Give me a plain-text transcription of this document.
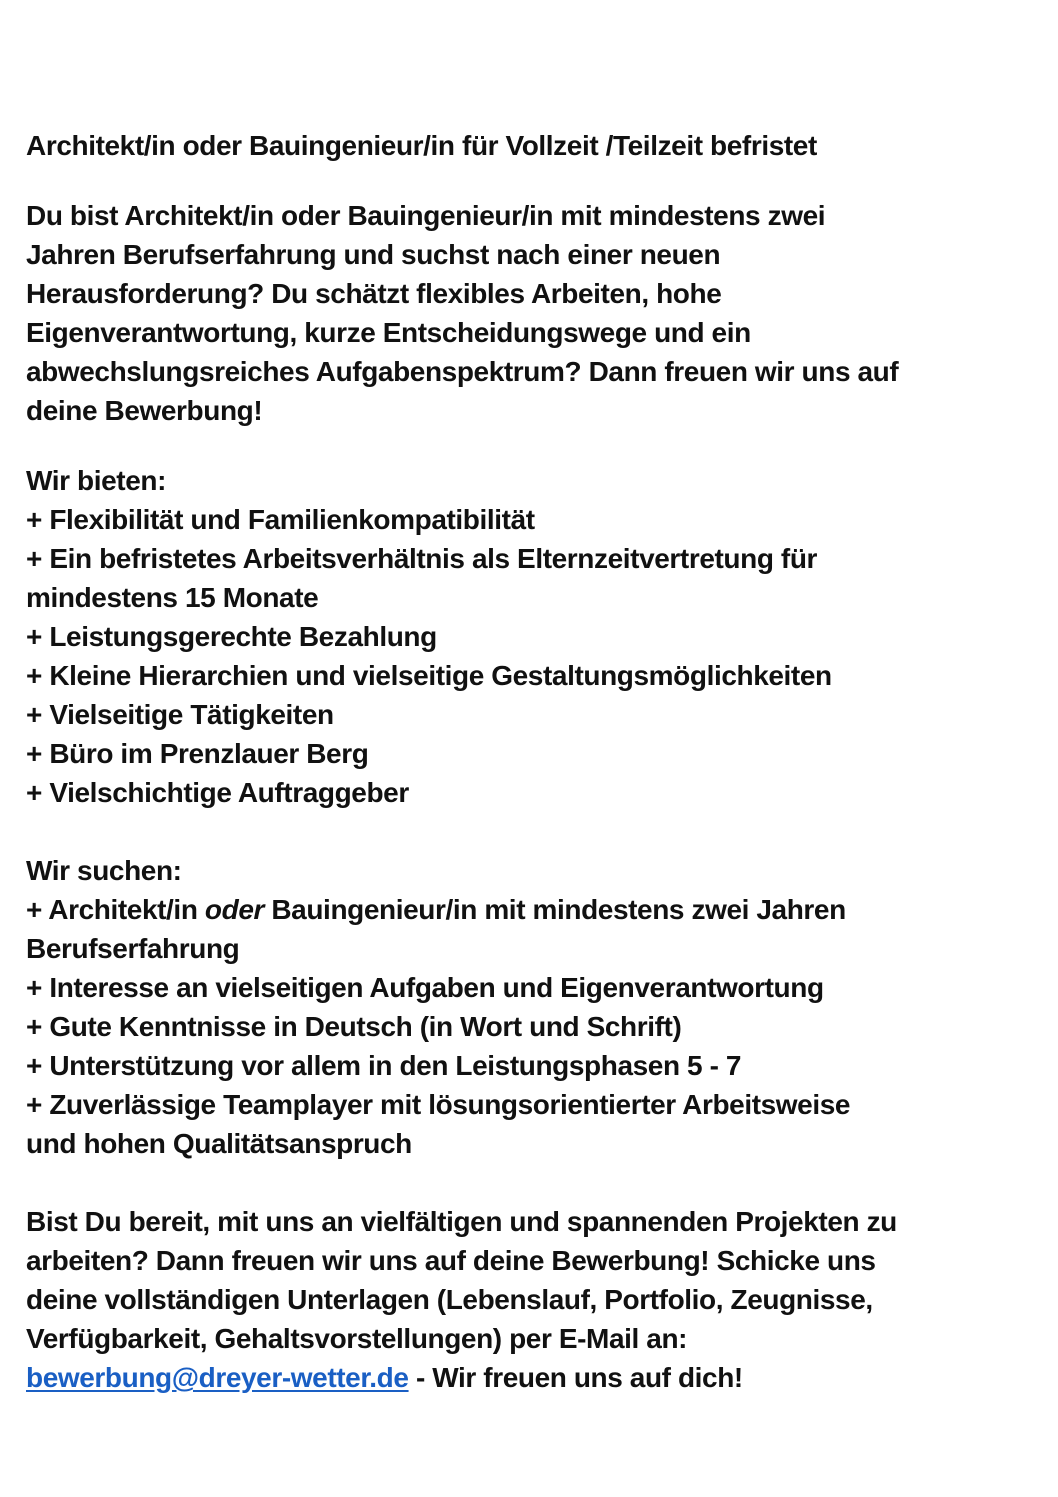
Architekt/in oder Bauingenieur/in für Vollzeit /Teilzeit befristet
Du bist Architekt/in oder Bauingenieur/in mit mindestens zwei
Jahren Berufserfahrung und suchst nach einer neuen
Herausforderung? Du schätzt flexibles Arbeiten, hohe
Eigenverantwortung, kurze Entscheidungswege und ein
abwechslungsreiches Aufgabenspektrum? Dann freuen wir uns auf
deine Bewerbung!
Wir bieten:
+ Flexibilität und Familienkompatibilität
+ Ein befristetes Arbeitsverhältnis als Elternzeitvertretung für
mindestens 15 Monate
+ Leistungsgerechte Bezahlung
+ Kleine Hierarchien und vielseitige Gestaltungsmöglichkeiten
+ Vielseitige Tätigkeiten
+ Büro im Prenzlauer Berg
+ Vielschichtige Auftraggeber
Wir suchen:
+ Architekt/in oder Bauingenieur/in mit mindestens zwei Jahren
Berufserfahrung
+ Interesse an vielseitigen Aufgaben und Eigenverantwortung
+ Gute Kenntnisse in Deutsch (in Wort und Schrift)
+ Unterstützung vor allem in den Leistungsphasen 5 - 7
+ Zuverlässige Teamplayer mit lösungsorientierter Arbeitsweise
und hohen Qualitätsanspruch
Bist Du bereit, mit uns an vielfältigen und spannenden Projekten zu
arbeiten? Dann freuen wir uns auf deine Bewerbung! Schicke uns
deine vollständigen Unterlagen (Lebenslauf, Portfolio, Zeugnisse,
Verfügbarkeit, Gehaltsvorstellungen) per E-Mail an:
bewerbung@dreyer-wetter.de - Wir freuen uns auf dich!
